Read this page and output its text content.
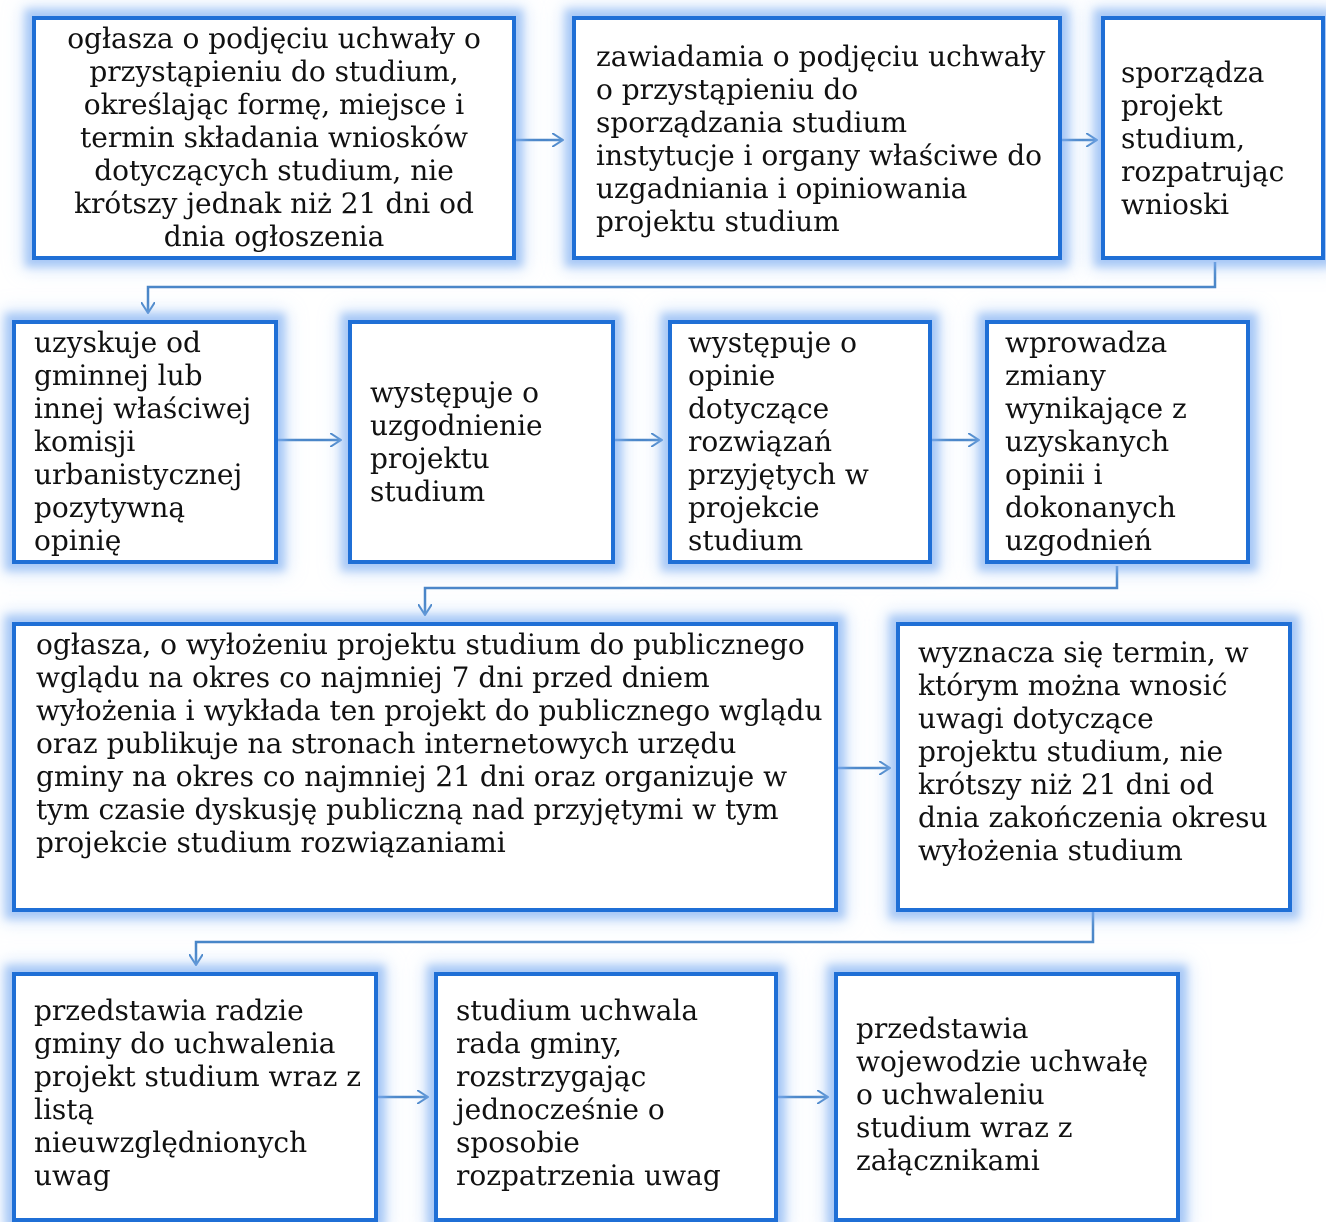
ogłasza o podjęciu uchwały o przystąpieniu do studium, określając formę, miejsce i termin składania wniosków dotyczących studium, nie krótszy jednak niż 21 dni od dnia ogłoszenia
zawiadamia o podjęciu uchwały o przystąpieniu do sporządzania studium instytucje i organy właściwe do uzgadniania i opiniowania projektu studium
sporządza projekt studium, rozpatrując wnioski
uzyskuje od gminnej lub innej właściwej komisji urbanistycznej pozytywną opinię
występuje o uzgodnienie projektu studium
występuje o opinie dotyczące rozwiązań przyjętych w projekcie studium
wprowadza zmiany wynikające z uzyskanych opinii i dokonanych uzgodnień
ogłasza, o wyłożeniu projektu studium do publicznego wglądu na okres co najmniej 7 dni przed dniem wyłożenia i wykłada ten projekt do publicznego wglądu oraz publikuje na stronach internetowych urzędu gminy na okres co najmniej 21 dni oraz organizuje w tym czasie dyskusję publiczną nad przyjętymi w tym projekcie studium rozwiązaniami
wyznacza się termin, w którym można wnosić uwagi dotyczące projektu studium, nie krótszy niż 21 dni od dnia zakończenia okresu wyłożenia studium
przedstawia radzie gminy do uchwalenia projekt studium wraz z listą nieuwzględnionych uwag
studium uchwala rada gminy, rozstrzygając jednocześnie o sposobie rozpatrzenia uwag
przedstawia wojewodzie uchwałę o uchwaleniu studium wraz z załącznikami
